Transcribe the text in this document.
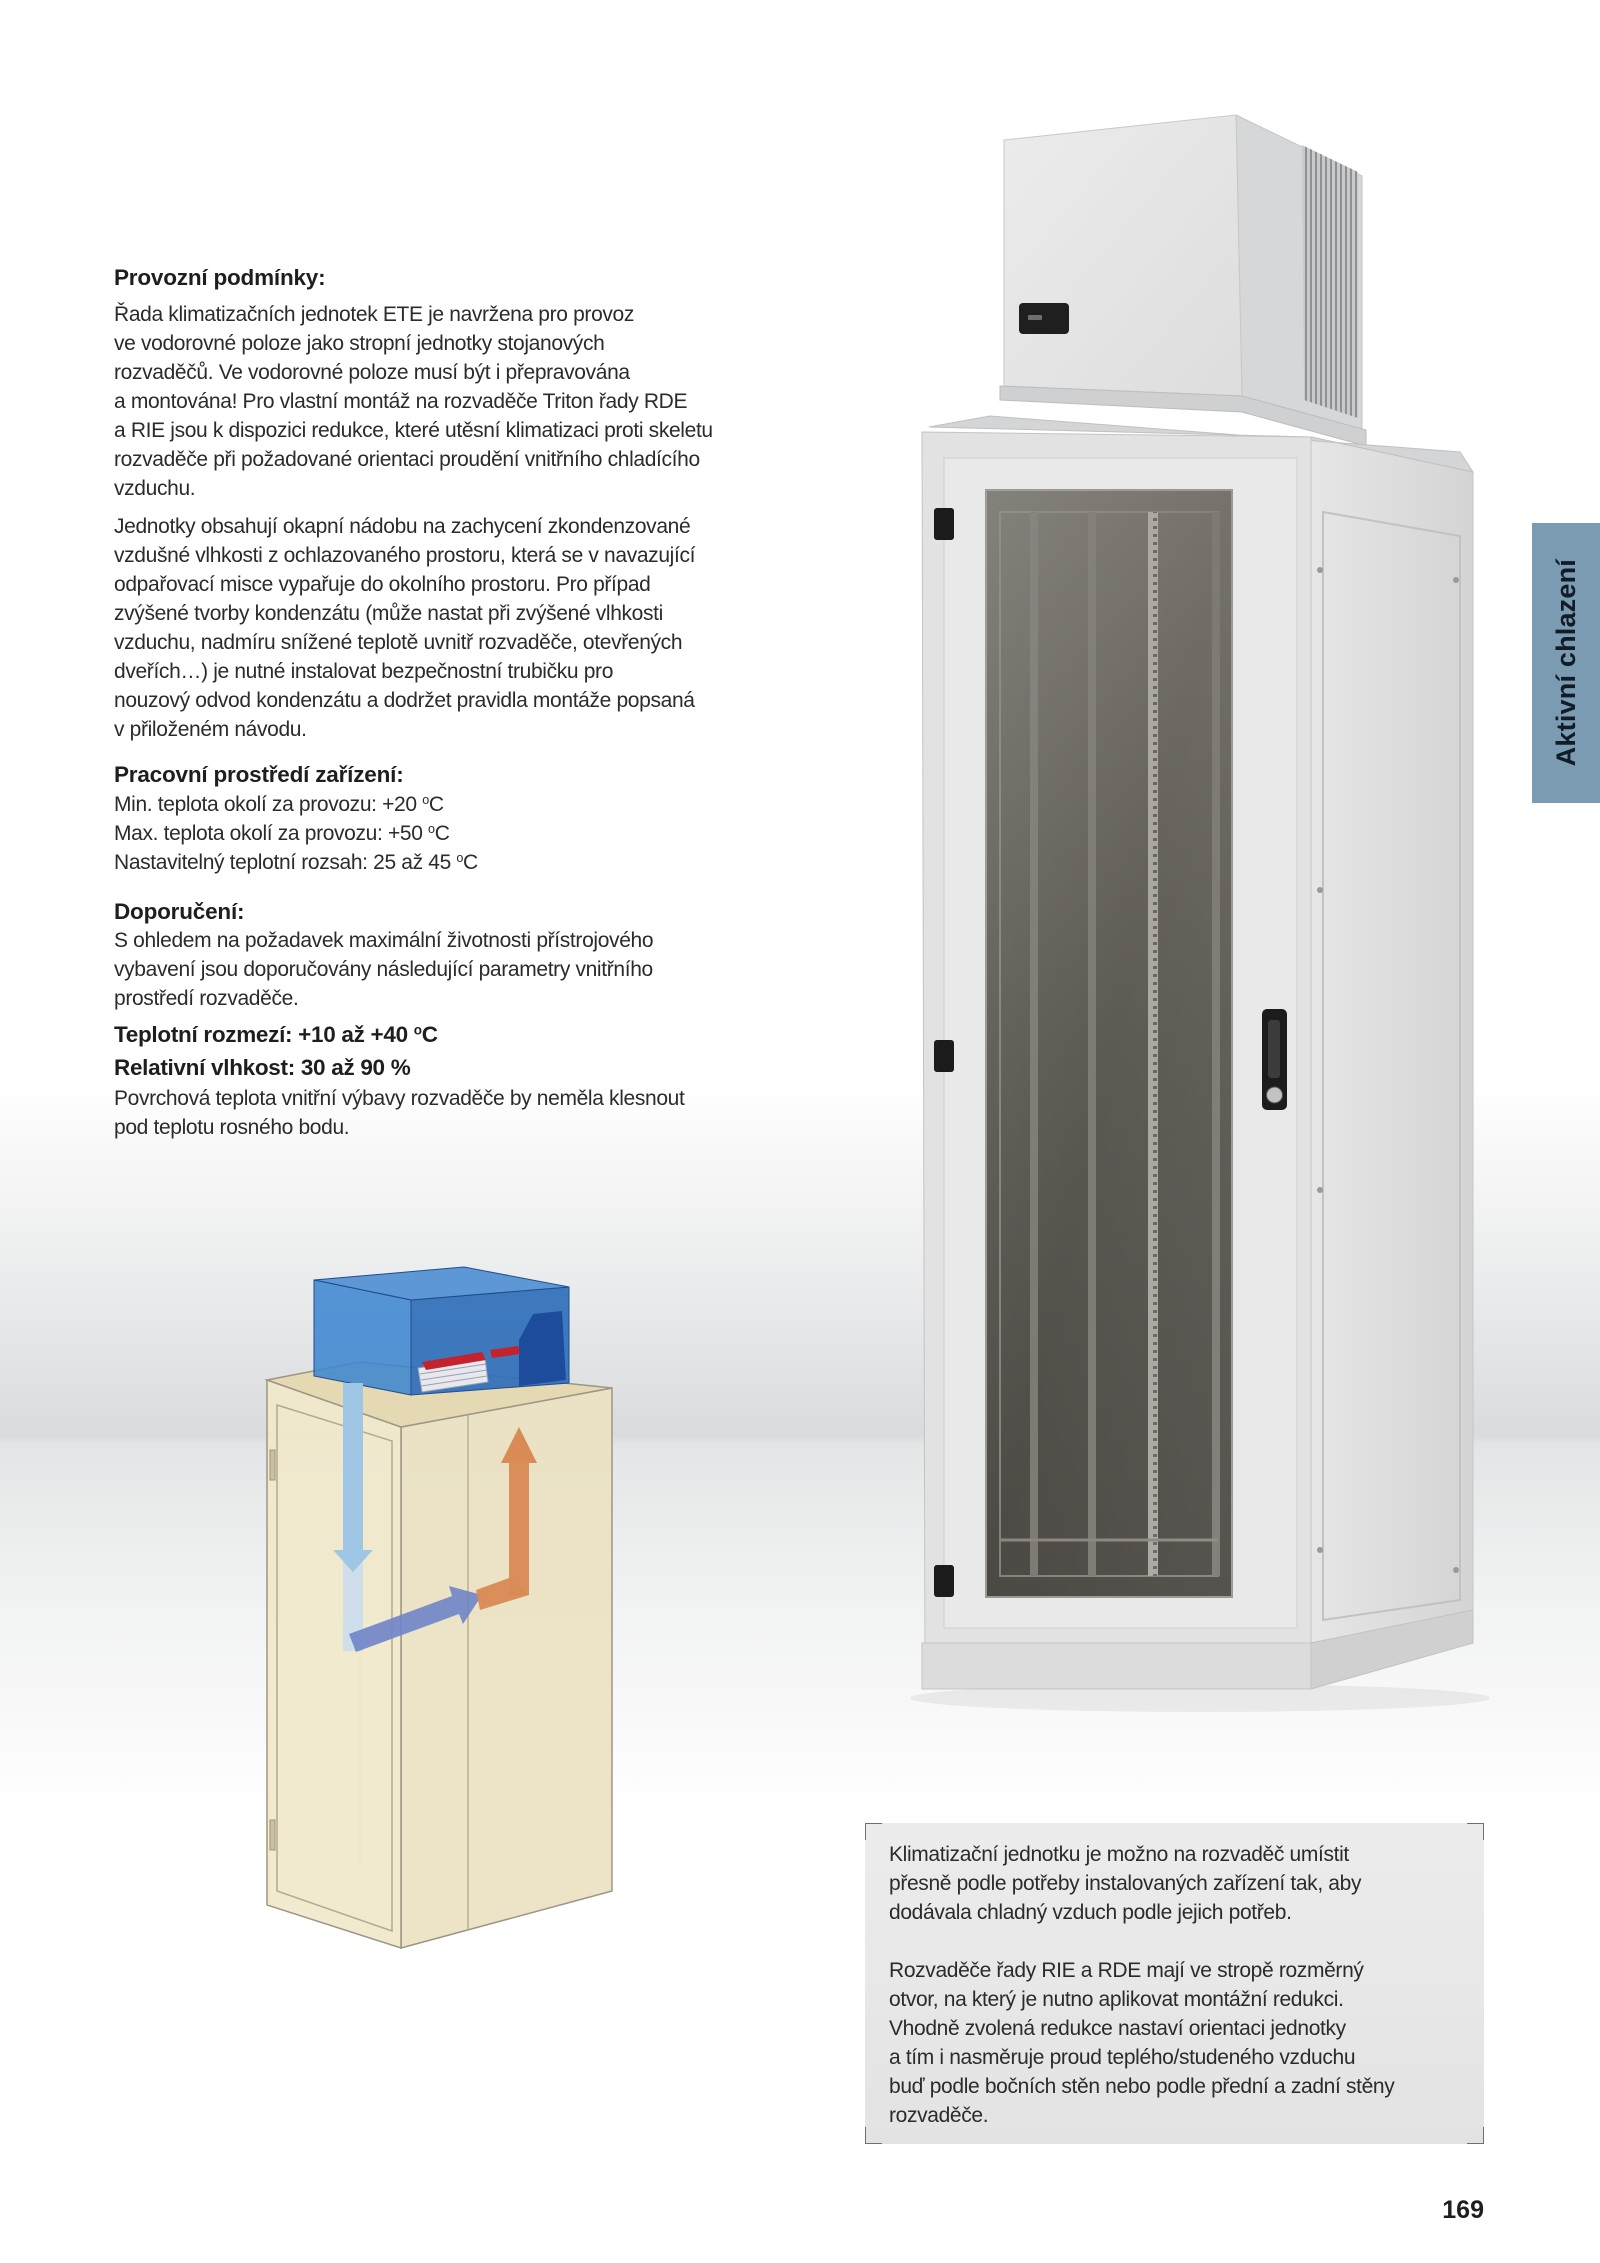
Aktivní chlazení
Provozní podmínky:
Řada klimatizačních jednotek ETE je navržena pro provoz
ve vodorovné poloze jako stropní jednotky stojanových
rozvaděčů. Ve vodorovné poloze musí být i přepravována
a montována! Pro vlastní montáž na rozvaděče Triton řady RDE
a RIE jsou k dispozici redukce, které utěsní klimatizaci proti skeletu
rozvaděče při požadované orientaci proudění vnitřního chladícího
vzduchu.
Jednotky obsahují okapní nádobu na zachycení zkondenzované
vzdušné vlhkosti z ochlazovaného prostoru, která se v navazující
odpařovací misce vypařuje do okolního prostoru. Pro případ
zvýšené tvorby kondenzátu (může nastat při zvýšené vlhkosti
vzduchu, nadmíru snížené teplotě uvnitř rozvaděče, otevřených
dveřích…) je nutné instalovat bezpečnostní trubičku pro
nouzový odvod kondenzátu a dodržet pravidla montáže popsaná
v přiloženém návodu.
Pracovní prostředí zařízení:
Min. teplota okolí za provozu: +20 $^o$C
Max. teplota okolí za provozu: +50 $^o$C
Nastavitelný teplotní rozsah: 25 až 45 $^o$C
Doporučení:
S ohledem na požadavek maximální životnosti přístrojového
vybavení jsou doporučovány následující parametry vnitřního
prostředí rozvaděče.
Teplotní rozmezí: +10 až +40 $^o$C
Relativní vlhkost: 30 až 90 %
Povrchová teplota vnitřní výbavy rozvaděče by neměla klesnout
pod teplotu rosného bodu.
Klimatizační jednotku je možno na rozvaděč umístit
přesně podle potřeby instalovaných zařízení tak, aby
dodávala chladný vzduch podle jejich potřeb.
Rozvaděče řady RIE a RDE mají ve stropě rozměrný
otvor, na který je nutno aplikovat montážní redukci.
Vhodně zvolená redukce nastaví orientaci jednotky
a tím i nasměruje proud teplého/studeného vzduchu
buď podle bočních stěn nebo podle přední a zadní stěny
rozvaděče.
169
